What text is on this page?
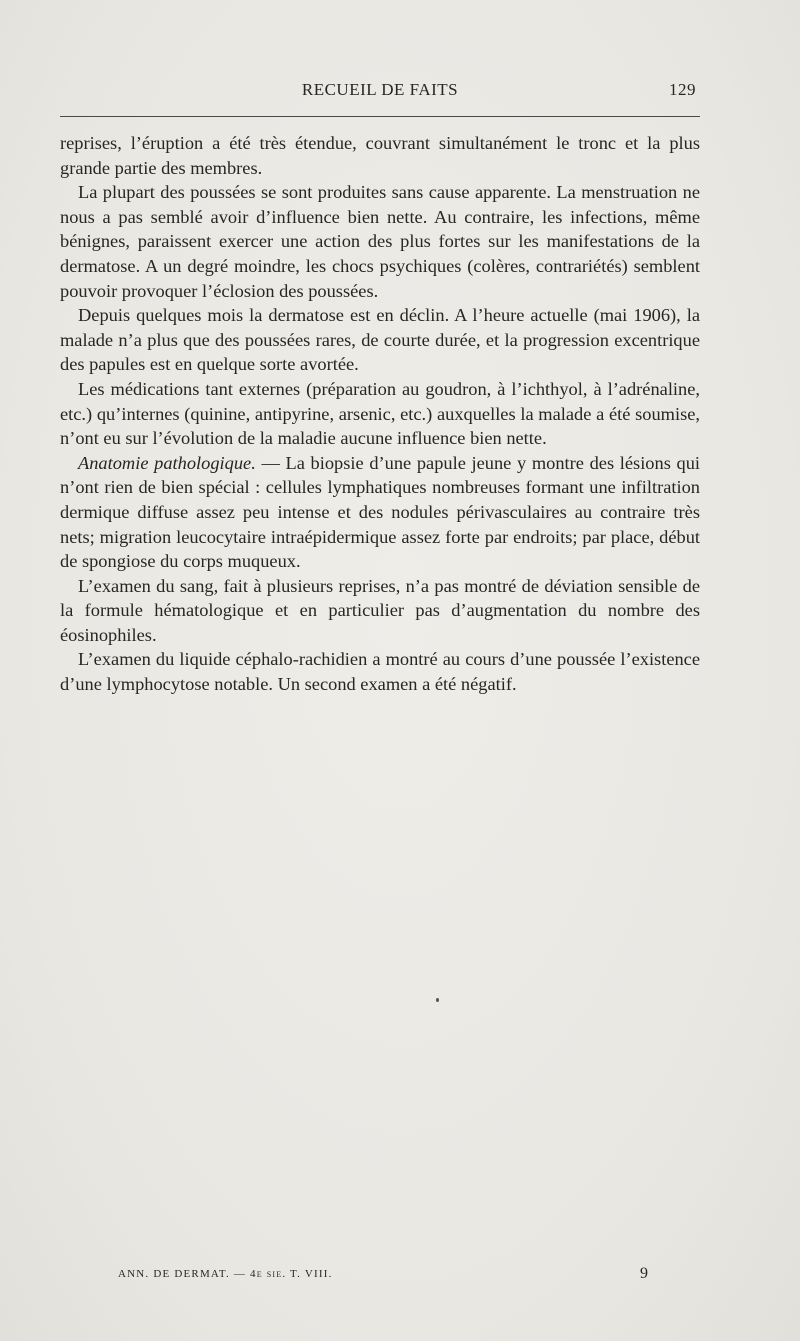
RECUEIL DE FAITS	129

reprises, l’éruption a été très étendue, couvrant simultanément le tronc et la plus grande partie des membres.

La plupart des poussées se sont produites sans cause apparente. La menstruation ne nous a pas semblé avoir d’influence bien nette. Au contraire, les infections, même bénignes, paraissent exercer une action des plus fortes sur les manifestations de la dermatose. A un degré moindre, les chocs psychiques (colères, contrariétés) semblent pouvoir provoquer l’éclosion des poussées.

Depuis quelques mois la dermatose est en déclin. A l’heure actuelle (mai 1906), la malade n’a plus que des poussées rares, de courte durée, et la progression excentrique des papules est en quelque sorte avortée.

Les médications tant externes (préparation au goudron, à l’ichthyol, à l’adrénaline, etc.) qu’internes (quinine, antipyrine, arsenic, etc.) auxquelles la malade a été soumise, n’ont eu sur l’évolution de la maladie aucune influence bien nette.

Anatomie pathologique. — La biopsie d’une papule jeune y montre des lésions qui n’ont rien de bien spécial : cellules lymphatiques nombreuses formant une infiltration dermique diffuse assez peu intense et des nodules périvasculaires au contraire très nets; migration leucocytaire intraépidermique assez forte par endroits; par place, début de spongiose du corps muqueux.

L’examen du sang, fait à plusieurs reprises, n’a pas montré de déviation sensible de la formule hématologique et en particulier pas d’augmentation du nombre des éosinophiles.

L’examen du liquide céphalo-rachidien a montré au cours d’une poussée l’existence d’une lymphocytose notable. Un second examen a été négatif.

ANN. DE DERMAT. — 4e sie. T. VIII.	9
